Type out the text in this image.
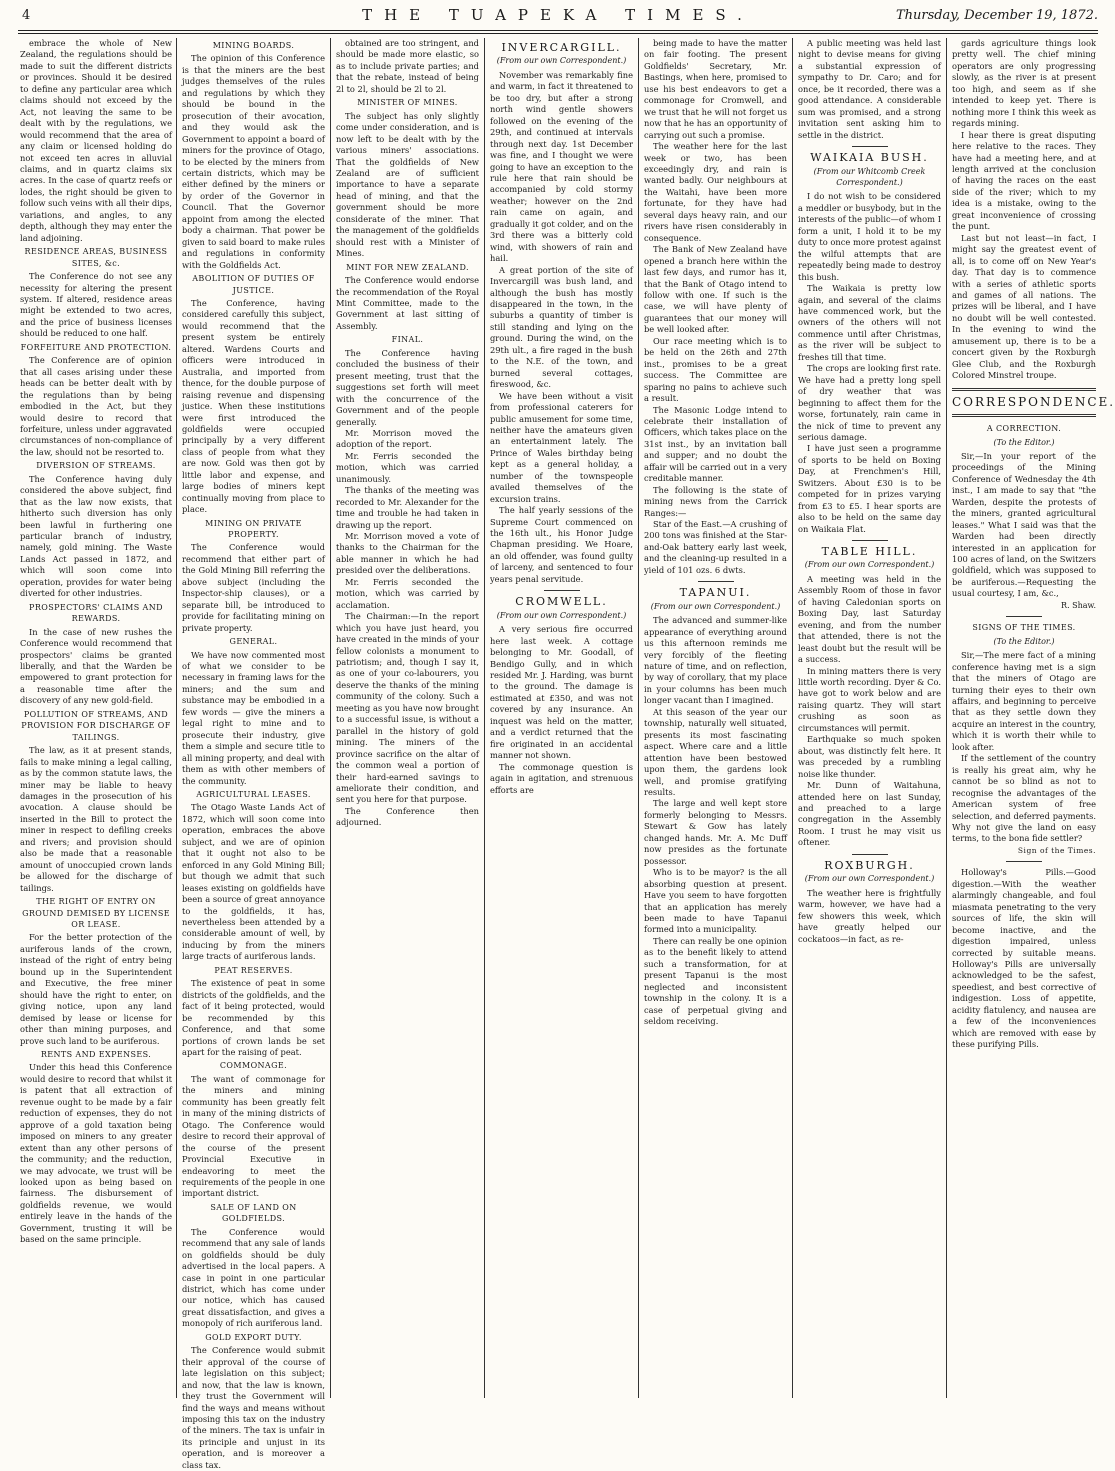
4	THE TUAPEKA TIMES.	Thursday, December 19, 1872.

embrace the whole of New Zealand, the regulations should be made to suit the different districts or provinces. Should it be desired to define any particular area which claims should not exceed by the Act, not leaving the same to be dealt with by the regulations, we would recommend that the area of any claim or licensed holding do not exceed ten acres in alluvial claims, and in quartz claims six acres. In the case of quartz reefs or lodes, the right should be given to follow such veins with all their dips, variations, and angles, to any depth, although they may enter the land adjoining.

RESIDENCE AREAS, BUSINESS SITES, &c.

The Conference do not see any necessity for altering the present system. If altered, residence areas might be extended to two acres, and the price of business licenses should be reduced to one half.

FORFEITURE AND PROTECTION.

The Conference are of opinion that all cases arising under these heads can be better dealt with by the regulations than by being embodied in the Act, but they would desire to record that forfeiture, unless under aggravated circumstances of non-compliance of the law, should not be resorted to.

DIVERSION OF STREAMS.

The Conference having duly considered the above subject, find that as the law now exists, that hitherto such diversion has only been lawful in furthering one particular branch of industry, namely, gold mining. The Waste Lands Act passed in 1872, and which will soon come into operation, provides for water being diverted for other industries.

PROSPECTORS' CLAIMS AND REWARDS.

In the case of new rushes the Conference would recommend that prospectors' claims be granted liberally, and that the Warden be empowered to grant protection for a reasonable time after the discovery of any new gold-field.

POLLUTION OF STREAMS, AND PROVISION FOR DISCHARGE OF TAILINGS.

The law, as it at present stands, fails to make mining a legal calling, as by the common statute laws, the miner may be liable to heavy damages in the prosecution of his avocation. A clause should be inserted in the Bill to protect the miner in respect to defiling creeks and rivers; and provision should also be made that a reasonable amount of unoccupied crown lands be allowed for the discharge of tailings.

THE RIGHT OF ENTRY ON GROUND DEMISED BY LICENSE OR LEASE.

For the better protection of the auriferous lands of the crown, instead of the right of entry being bound up in the Superintendent and Executive, the free miner should have the right to enter, on giving notice, upon any land demised by lease or license for other than mining purposes, and prove such land to be auriferous.

RENTS AND EXPENSES.

Under this head this Conference would desire to record that whilst it is patent that all extraction of revenue ought to be made by a fair reduction of expenses, they do not approve of a gold taxation being imposed on miners to any greater extent than any other persons of the community; and the reduction, we may advocate, we trust will be looked upon as being based on fairness. The disbursement of goldfields revenue, we would entirely leave in the hands of the Government, trusting it will be based on the same principle.

MINING BOARDS.

The opinion of this Conference is that the miners are the best judges themselves of the rules and regulations by which they should be bound in the prosecution of their avocation, and they would ask the Government to appoint a board of miners for the province of Otago, to be elected by the miners from certain districts, which may be either defined by the miners or by order of the Governor in Council. That the Governor appoint from among the elected body a chairman. That power be given to said board to make rules and regulations in conformity with the Goldfields Act.

ABOLITION OF DUTIES OF JUSTICE.

The Conference, having considered carefully this subject, would recommend that the present system be entirely altered. Wardens Courts and officers were introduced in Australia, and imported from thence, for the double purpose of raising revenue and dispensing justice. When these institutions were first introduced the goldfields were occupied principally by a very different class of people from what they are now. Gold was then got by little labor and expense, and large bodies of miners kept continually moving from place to place.

MINING ON PRIVATE PROPERTY.

The Conference would recommend that either part of the Gold Mining Bill referring the above subject (including the Inspector-ship clauses), or a separate bill, be introduced to provide for facilitating mining on private property.

GENERAL.

We have now commented most of what we consider to be necessary in framing laws for the miners; and the sum and substance may be embodied in a few words — give the miners a legal right to mine and to prosecute their industry, give them a simple and secure title to all mining property, and deal with them as with other members of the community.

AGRICULTURAL LEASES.

The Otago Waste Lands Act of 1872, which will soon come into operation, embraces the above subject, and we are of opinion that it ought not also to be enforced in any Gold Mining Bill; but though we admit that such leases existing on goldfields have been a source of great annoyance to the goldfields, it has, nevertheless been attended by a considerable amount of well, by inducing by from the miners large tracts of auriferous lands.

PEAT RESERVES.

The existence of peat in some districts of the goldfields, and the fact of it being protected, would be recommended by this Conference, and that some portions of crown lands be set apart for the raising of peat.

COMMONAGE.

The want of commonage for the miners and mining community has been greatly felt in many of the mining districts of Otago. The Conference would desire to record their approval of the course of the present Provincial Executive in endeavoring to meet the requirements of the people in one important district.

SALE OF LAND ON GOLDFIELDS.

The Conference would recommend that any sale of lands on goldfields should be duly advertised in the local papers. A case in point in one particular district, which has come under our notice, which has caused great dissatisfaction, and gives a monopoly of rich auriferous land.

GOLD EXPORT DUTY.

The Conference would submit their approval of the course of late legislation on this subject; and now, that the law is known, they trust the Government will find the ways and means without imposing this tax on the industry of the miners. The tax is unfair in its principle and unjust in its operation, and is moreover a class tax.

obtained are too stringent, and should be made more elastic, so as to include private parties; and that the rebate, instead of being 2l to 2l, should be 2l to 2l.

MINISTER OF MINES.

The subject has only slightly come under consideration, and is now left to be dealt with by the various miners' associations. That the goldfields of New Zealand are of sufficient importance to have a separate head of mining, and that the government should be more considerate of the miner. That the management of the goldfields should rest with a Minister of Mines.

MINT FOR NEW ZEALAND.

The Conference would endorse the recommendation of the Royal Mint Committee, made to the Government at last sitting of Assembly.

FINAL.

The Conference having concluded the business of their present meeting, trust that the suggestions set forth will meet with the concurrence of the Government and of the people generally.

Mr. Morrison moved the adoption of the report.

Mr. Ferris seconded the motion, which was carried unanimously.

The thanks of the meeting was recorded to Mr. Alexander for the time and trouble he had taken in drawing up the report.

Mr. Morrison moved a vote of thanks to the Chairman for the able manner in which he had presided over the deliberations.

Mr. Ferris seconded the motion, which was carried by acclamation.

The Chairman:—In the report which you have just heard, you have created in the minds of your fellow colonists a monument to patriotism; and, though I say it, as one of your co-labourers, you deserve the thanks of the mining community of the colony. Such a meeting as you have now brought to a successful issue, is without a parallel in the history of gold mining. The miners of the province sacrifice on the altar of the common weal a portion of their hard-earned savings to ameliorate their condition, and sent you here for that purpose.

The Conference then adjourned.

INVERCARGILL.

(From our own Correspondent.)

November was remarkably fine and warm, in fact it threatened to be too dry, but after a strong north wind gentle showers followed on the evening of the 29th, and continued at intervals through next day. 1st December was fine, and I thought we were going to have an exception to the rule here that rain should be accompanied by cold stormy weather; however on the 2nd rain came on again, and gradually it got colder, and on the 3rd there was a bitterly cold wind, with showers of rain and hail.

A great portion of the site of Invercargill was bush land, and although the bush has mostly disappeared in the town, in the suburbs a quantity of timber is still standing and lying on the ground. During the wind, on the 29th ult., a fire raged in the bush to the N.E. of the town, and burned several cottages, fireswood, &c.

We have been without a visit from professional caterers for public amusement for some time, neither have the amateurs given an entertainment lately. The Prince of Wales birthday being kept as a general holiday, a number of the townspeople availed themselves of the excursion trains.

The half yearly sessions of the Supreme Court commenced on the 16th ult., his Honor Judge Chapman presiding. We Hoare, an old offender, was found guilty of larceny, and sentenced to four years penal servitude.

CROMWELL.

(From our own Correspondent.)

A very serious fire occurred here last week. A cottage belonging to Mr. Goodall, of Bendigo Gully, and in which resided Mr. J. Harding, was burnt to the ground. The damage is estimated at £350, and was not covered by any insurance. An inquest was held on the matter, and a verdict returned that the fire originated in an accidental manner not shown.

The commonage question is again in agitation, and strenuous efforts are

being made to have the matter on fair footing. The present Goldfields' Secretary, Mr. Bastings, when here, promised to use his best endeavors to get a commonage for Cromwell, and we trust that he will not forget us now that he has an opportunity of carrying out such a promise.

The weather here for the last week or two, has been exceedingly dry, and rain is wanted badly. Our neighbours at the Waitahi, have been more fortunate, for they have had several days heavy rain, and our rivers have risen considerably in consequence.

The Bank of New Zealand have opened a branch here within the last few days, and rumor has it, that the Bank of Otago intend to follow with one. If such is the case, we will have plenty of guarantees that our money will be well looked after.

Our race meeting which is to be held on the 26th and 27th inst., promises to be a great success. The Committee are sparing no pains to achieve such a result.

The Masonic Lodge intend to celebrate their installation of Officers, which takes place on the 31st inst., by an invitation ball and supper; and no doubt the affair will be carried out in a very creditable manner.

The following is the state of mining news from the Carrick Ranges:—

Star of the East.—A crushing of 200 tons was finished at the Star-and-Oak battery early last week, and the cleaning-up resulted in a yield of 101 ozs. 6 dwts.

TAPANUI.

(From our own Correspondent.)

The advanced and summer-like appearance of everything around us this afternoon reminds me very forcibly of the fleeting nature of time, and on reflection, by way of corollary, that my place in your columns has been much longer vacant than I imagined.

At this season of the year our township, naturally well situated, presents its most fascinating aspect. Where care and a little attention have been bestowed upon them, the gardens look well, and promise gratifying results.

The large and well kept store formerly belonging to Messrs. Stewart & Gow has lately changed hands. Mr. A. Mc Duff now presides as the fortunate possessor.

Who is to be mayor? is the all absorbing question at present. Have you seem to have forgotten that an application has merely been made to have Tapanui formed into a municipality.

There can really be one opinion as to the benefit likely to attend such a transformation, for at present Tapanui is the most neglected and inconsistent township in the colony. It is a case of perpetual giving and seldom receiving.

A public meeting was held last night to devise means for giving a substantial expression of sympathy to Dr. Caro; and for once, be it recorded, there was a good attendance. A considerable sum was promised, and a strong invitation sent asking him to settle in the district.

WAIKAIA BUSH.

(From our Whitcomb Creek Correspondent.)

I do not wish to be considered a meddler or busybody, but in the interests of the public—of whom I form a unit, I hold it to be my duty to once more protest against the wilful attempts that are repeatedly being made to destroy this bush.

The Waikaia is pretty low again, and several of the claims have commenced work, but the owners of the others will not commence until after Christmas, as the river will be subject to freshes till that time.

The crops are looking first rate. We have had a pretty long spell of dry weather that was beginning to affect them for the worse, fortunately, rain came in the nick of time to prevent any serious damage.

I have just seen a programme of sports to be held on Boxing Day, at Frenchmen's Hill, Switzers. About £30 is to be competed for in prizes varying from £3 to £5. I hear sports are also to be held on the same day on Waikaia Flat.

TABLE HILL.

(From our own Correspondent.)

A meeting was held in the Assembly Room of those in favor of having Caledonian sports on Boxing Day, last Saturday evening, and from the number that attended, there is not the least doubt but the result will be a success.

In mining matters there is very little worth recording. Dyer & Co. have got to work below and are raising quartz. They will start crushing as soon as circumstances will permit.

Earthquake so much spoken about, was distinctly felt here. It was preceded by a rumbling noise like thunder.

Mr. Dunn of Waitahuna, attended here on last Sunday, and preached to a large congregation in the Assembly Room. I trust he may visit us oftener.

ROXBURGH.

(From our own Correspondent.)

The weather here is frightfully warm, however, we have had a few showers this week, which have greatly helped our cockatoos—in fact, as re-

gards agriculture things look pretty well. The chief mining operators are only progressing slowly, as the river is at present too high, and seem as if she intended to keep yet. There is nothing more I think this week as regards mining.

I hear there is great disputing here relative to the races. They have had a meeting here, and at length arrived at the conclusion of having the races on the east side of the river; which to my idea is a mistake, owing to the great inconvenience of crossing the punt.

Last but not least—in fact, I might say the greatest event of all, is to come off on New Year's day. That day is to commence with a series of athletic sports and games of all nations. The prizes will be liberal, and I have no doubt will be well contested. In the evening to wind the amusement up, there is to be a concert given by the Roxburgh Glee Club, and the Roxburgh Colored Minstrel troupe.

CORRESPONDENCE.

A CORRECTION.

(To the Editor.)

Sir,—In your report of the proceedings of the Mining Conference of Wednesday the 4th inst., I am made to say that "the Warden, despite the protests of the miners, granted agricultural leases." What I said was that the Warden had been directly interested in an application for 100 acres of land, on the Switzers goldfield, which was supposed to be auriferous.—Requesting the usual courtesy, I am, &c.,

R. Shaw.

SIGNS OF THE TIMES.

(To the Editor.)

Sir,—The mere fact of a mining conference having met is a sign that the miners of Otago are turning their eyes to their own affairs, and beginning to perceive that as they settle down they acquire an interest in the country, which it is worth their while to look after.

If the settlement of the country is really his great aim, why he cannot be so blind as not to recognise the advantages of the American system of free selection, and deferred payments. Why not give the land on easy terms, to the bona fide settler?

Sign of the Times.

Holloway's Pills.—Good digestion.—With the weather alarmingly changeable, and foul miasmata penetrating to the very sources of life, the skin will become inactive, and the digestion impaired, unless corrected by suitable means. Holloway's Pills are universally acknowledged to be the safest, speediest, and best corrective of indigestion. Loss of appetite, acidity flatulency, and nausea are a few of the inconveniences which are removed with ease by these purifying Pills.
